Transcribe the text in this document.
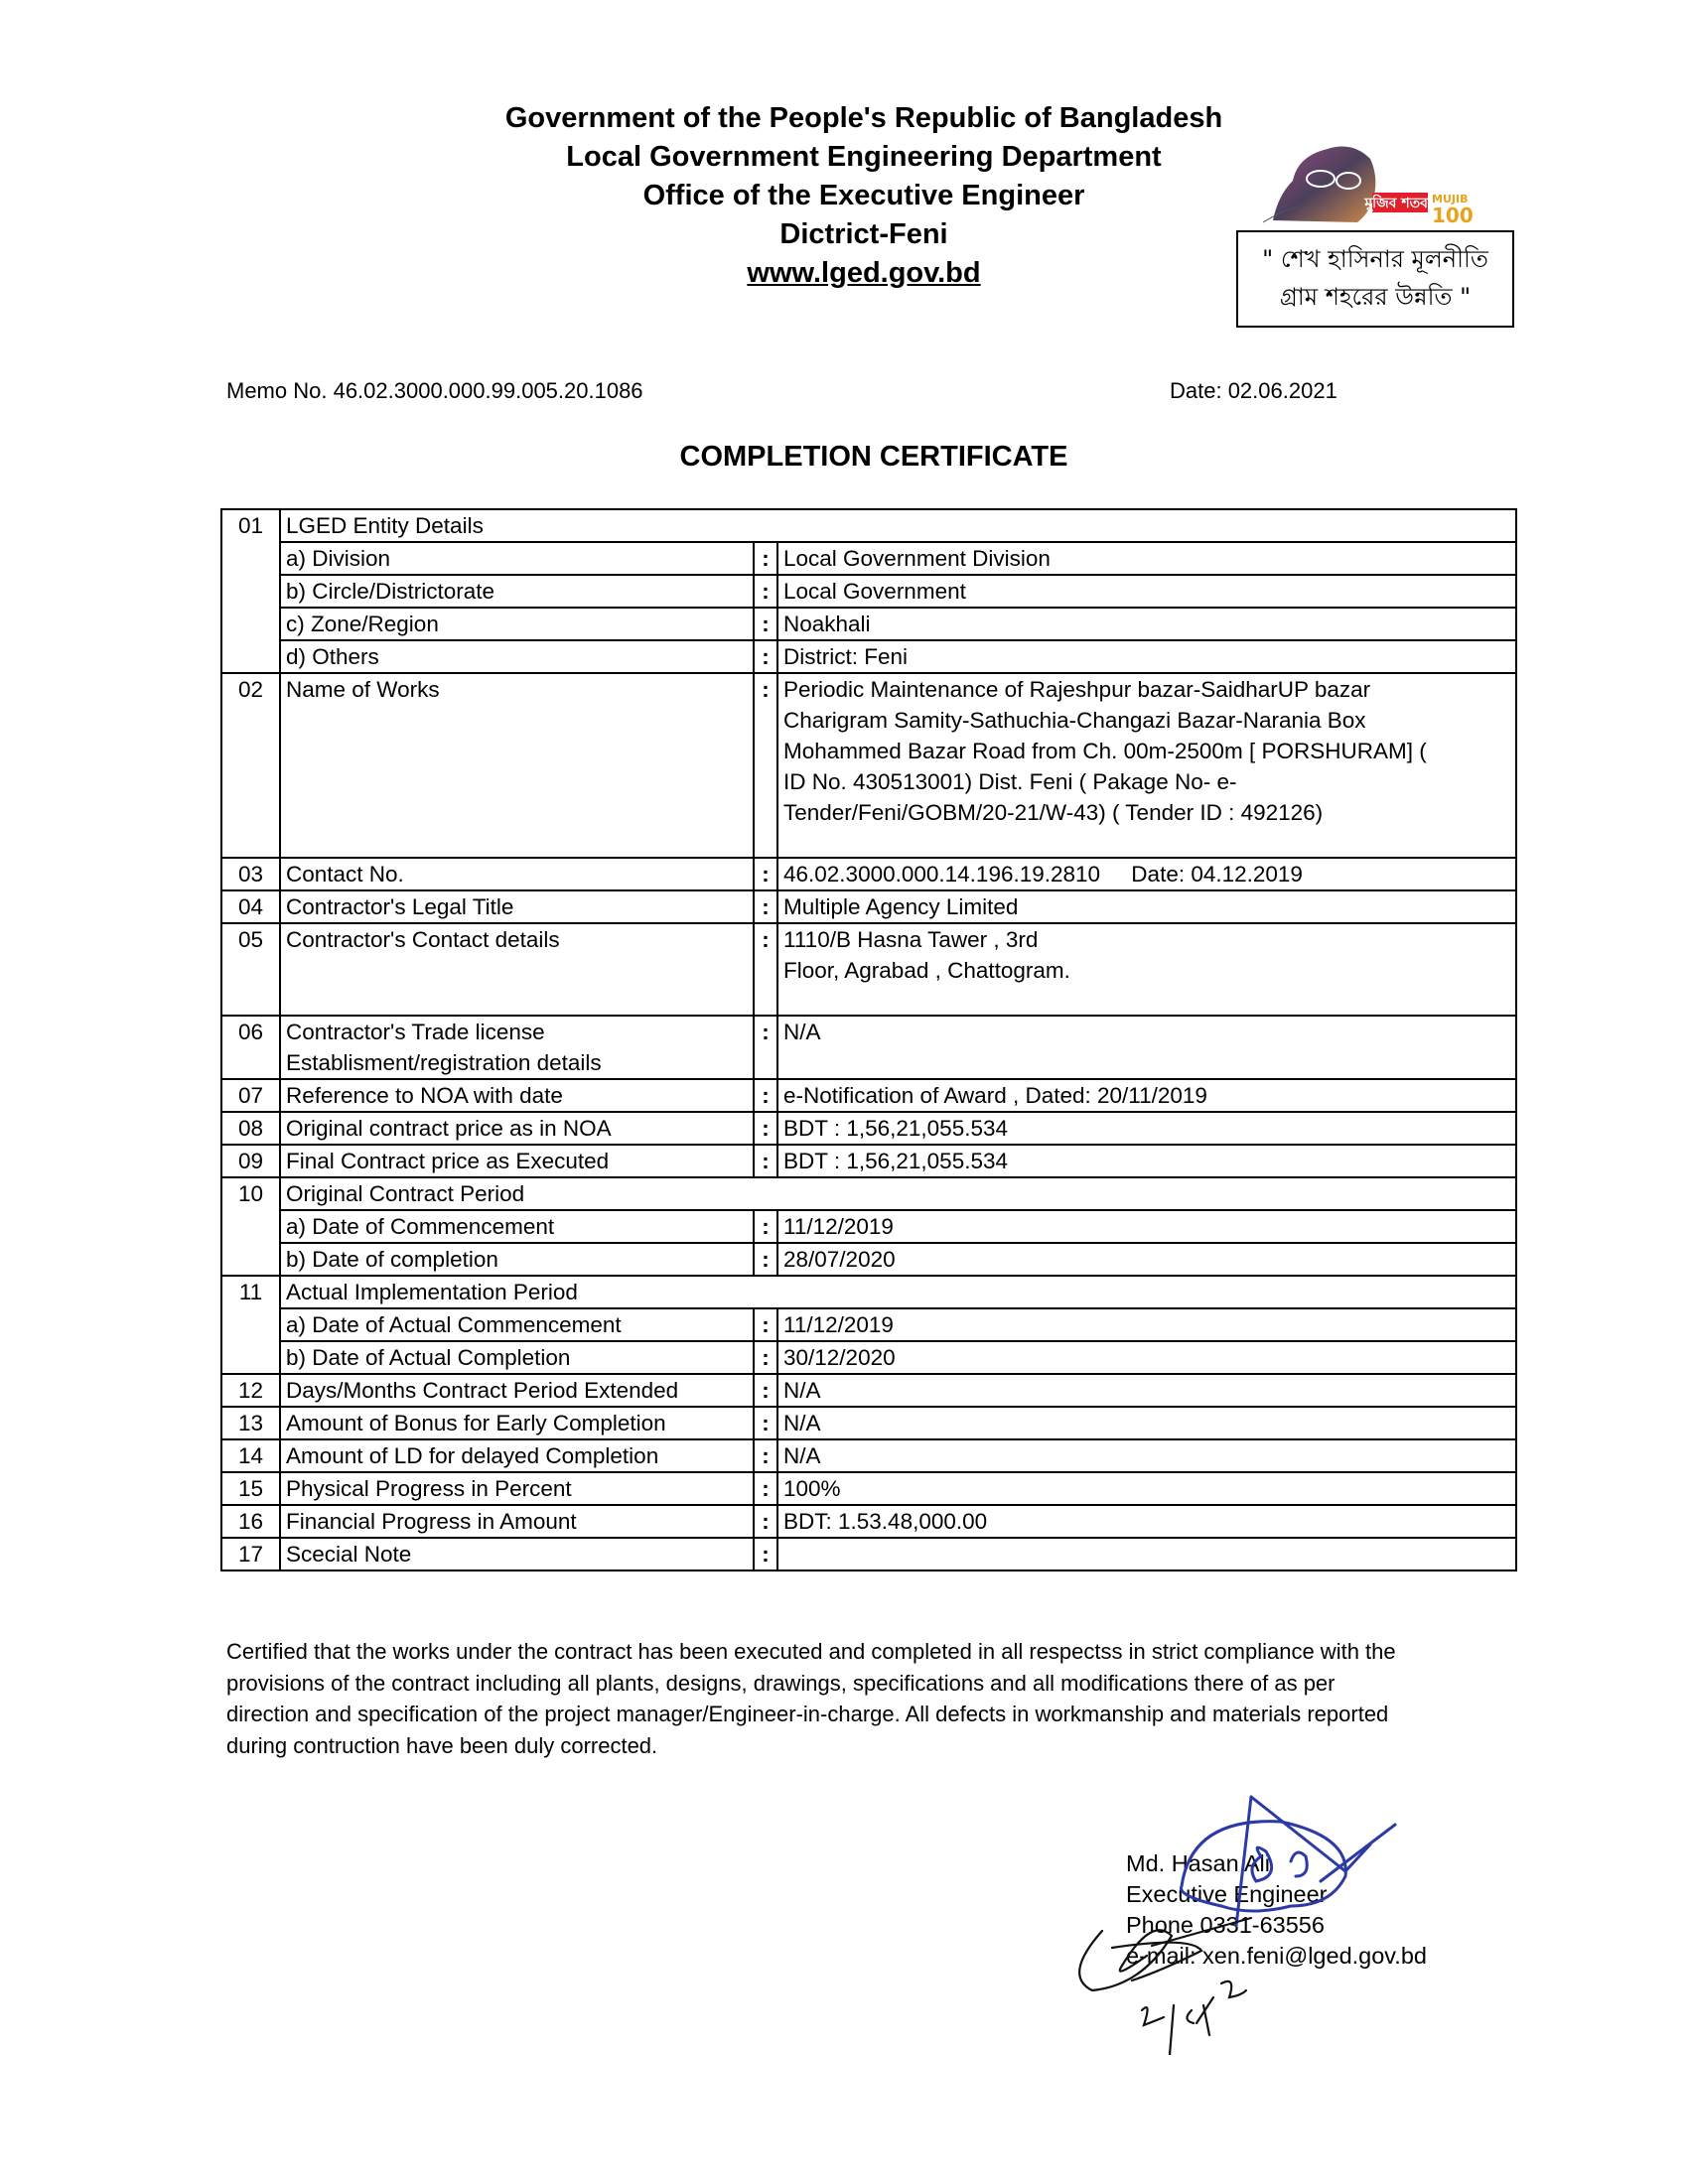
Government of the People's Republic of Bangladesh
Local Government Engineering Department
Office of the Executive Engineer
Dictrict-Feni
www.lged.gov.bd
মুজিব শতবর্ষ
MUJIB
100
" শেখ হাসিনার মূলনীতি
গ্রাম শহরের উন্নতি "
Memo No. 46.02.3000.000.99.005.20.1086	Date: 02.06.2021
COMPLETION CERTIFICATE
01	LGED Entity Details		
	a) Division	:	Local Government Division
	b) Circle/Districtorate	:	Local Government
	c) Zone/Region	:	Noakhali
	d) Others	:	District: Feni
02	Name of Works	:	Periodic Maintenance of Rajeshpur bazar-SaidharUP bazar
Charigram Samity-Sathuchia-Changazi Bazar-Narania Box
Mohammed Bazar Road from Ch. 00m-2500m [ PORSHURAM] (
ID No. 430513001) Dist. Feni ( Pakage No- e-
Tender/Feni/GOBM/20-21/W-43) ( Tender ID : 492126)

03	Contact No.	:	46.02.3000.000.14.196.19.2810     Date: 04.12.2019
04	Contractor's Legal Title	:	Multiple Agency Limited
05	Contractor's Contact details	:	1110/B Hasna Tawer , 3rd
Floor, Agrabad , Chattogram.

06	Contractor's Trade license
Establisment/registration details	:	N/A
07	Reference to NOA with date	:	e-Notification of Award , Dated: 20/11/2019
08	Original contract price as in NOA	:	BDT : 1,56,21,055.534
09	Final Contract price as Executed	:	BDT : 1,56,21,055.534
10	Original Contract Period		
	a) Date of Commencement	:	11/12/2019
	b) Date of completion	:	28/07/2020
11	Actual Implementation Period		
	a) Date of Actual Commencement	:	11/12/2019
	b) Date of Actual Completion	:	30/12/2020
12	Days/Months Contract Period Extended	:	N/A
13	Amount of Bonus for Early Completion	:	N/A
14	Amount of LD for delayed Completion	:	N/A
15	Physical Progress in Percent	:	100%
16	Financial Progress in Amount	:	BDT: 1.53.48,000.00
17	Scecial Note	:	
Certified that the works under the contract has been executed and completed in all respectss in strict compliance with the
provisions of the contract including all plants, designs, drawings, specifications and all modifications there of as per
direction and specification of the project manager/Engineer-in-charge. All defects in workmanship and materials reported
during contruction have been duly corrected.
Md. Hasan Ali
Executive Engineer
Phone 0331-63556
e-mail: xen.feni@lged.gov.bd
